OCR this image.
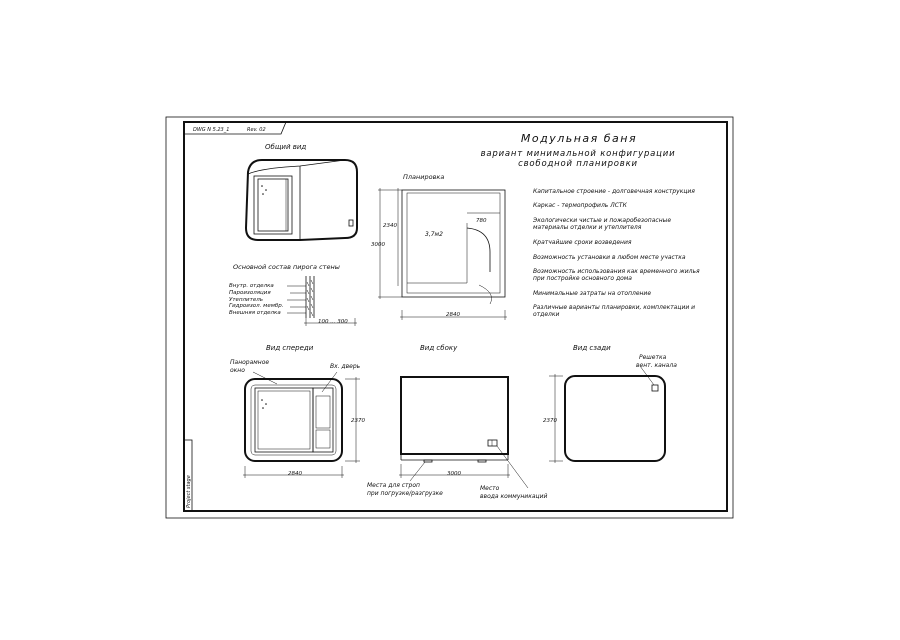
DWG N 5.23_1	Rev. 02
Project stage
Модульная баня
вариант минимальной конфигурации
свободной планировки
Общий вид
Основной состав пирога стены
Внутр. отделка
Пароизоляция
Утеплитель
Гидроизол. мембр.
Внешняя отделка
100 ... 300
Планировка
3000
2340
780
3,7м2
2840
Капитальное строение - долговечная конструкция
Каркас - термопрофиль ЛСТК
Экологически чистые и пожаробезопасные
материалы отделки и утеплителя
Кратчайшие сроки возведения
Возможность установки в любом месте участка
Возможность использования как временного жилья
при постройке основного дома
Минимальные затраты на отопление
Различные варианты планировки, комплектации и
отделки
Вид спереди
Панорамное
окно
Вх. дверь
2840
2370
Вид сбоку
3000
Места для строп
при погрузке/разгрузке
Место
ввода коммуникаций
Вид сзади
Решетка
вент. канала
2370
